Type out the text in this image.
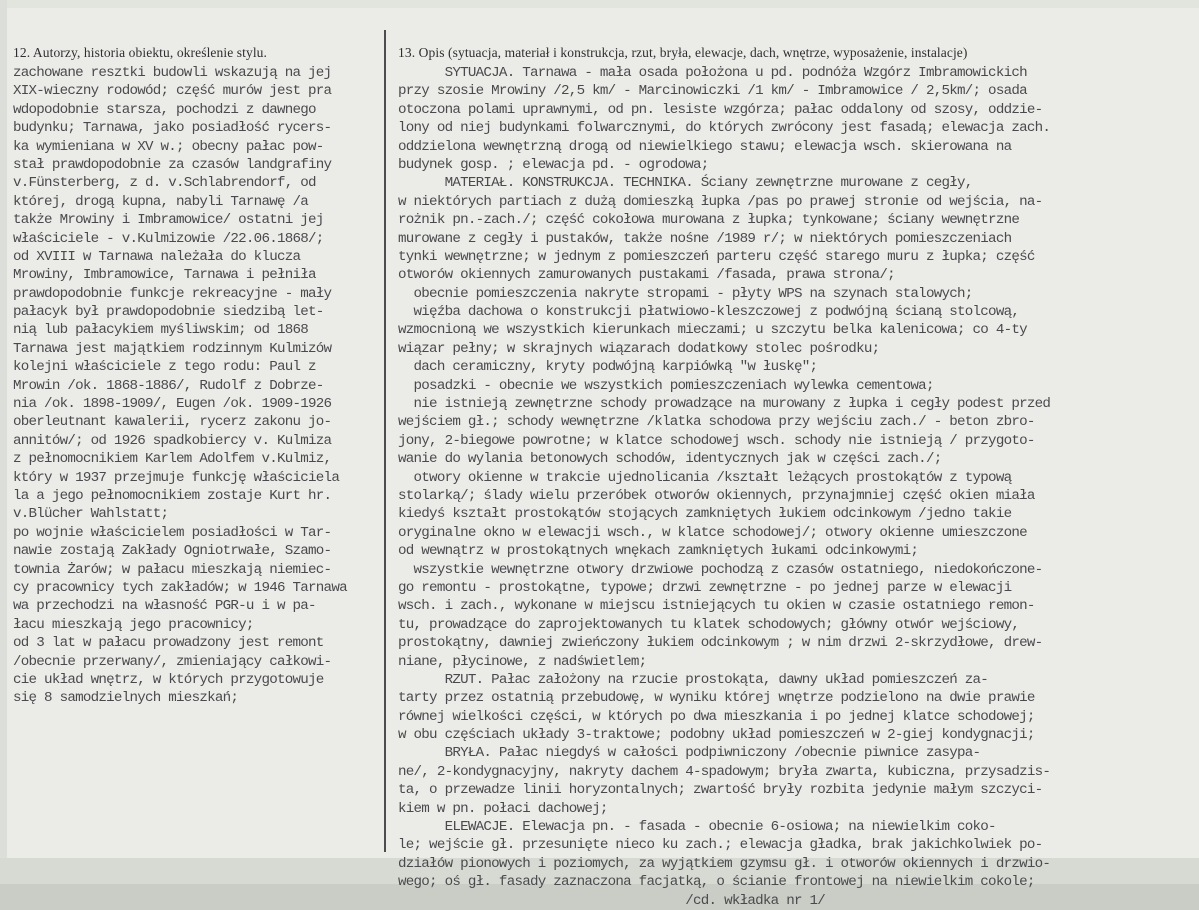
12. Autorzy, historia obiektu, określenie stylu.	13. Opis (sytuacja, materiał i konstrukcja, rzut, bryła, elewacje, dach, wnętrze, wyposażenie, instalacje)
zachowane resztki budowli wskazują na jej
XIX-wieczny rodowód; część murów jest pra
wdopodobnie starsza, pochodzi z dawnego
budynku; Tarnawa, jako posiadłość rycers-
ka wymieniana w XV w.; obecny pałac pow-
stał prawdopodobnie za czasów landgrafiny
v.Fünsterberg, z d. v.Schlabrendorf, od
której, drogą kupna, nabyli Tarnawę /a
także Mrowiny i Imbramowice/ ostatni jej
właściciele - v.Kulmizowie /22.06.1868/;
od XVIII w Tarnawa należała do klucza
Mrowiny, Imbramowice, Tarnawa i pełniła
prawdopodobnie funkcje rekreacyjne - mały
pałacyk był prawdopodobnie siedzibą let-
nią lub pałacykiem myśliwskim; od 1868
Tarnawa jest majątkiem rodzinnym Kulmizów
kolejni właściciele z tego rodu: Paul z
Mrowin /ok. 1868-1886/, Rudolf z Dobrze-
nia /ok. 1898-1909/, Eugen /ok. 1909-1926
oberleutnant kawalerii, rycerz zakonu jo-
annitów/; od 1926 spadkobiercy v. Kulmiza
z pełnomocnikiem Karlem Adolfem v.Kulmiz,
który w 1937 przejmuje funkcję właściciela
la a jego pełnomocnikiem zostaje Kurt hr.
v.Blücher Wahlstatt;
po wojnie właścicielem posiadłości w Tar-
nawie zostają Zakłady Ogniotrwałe, Szamo-
townia Żarów; w pałacu mieszkają niemiec-
cy pracownicy tych zakładów; w 1946 Tarnawa
wa przechodzi na własność PGR-u i w pa-
łacu mieszkają jego pracownicy;
od 3 lat w pałacu prowadzony jest remont
/obecnie przerwany/, zmieniający całkowi-
cie układ wnętrz, w których przygotowuje
się 8 samodzielnych mieszkań;
SYTUACJA. Tarnawa - mała osada położona u pd. podnóża Wzgórz Imbramowickich
przy szosie Mrowiny /2,5 km/ - Marcinowiczki /1 km/ - Imbramowice / 2,5km/; osada
otoczona polami uprawnymi, od pn. lesiste wzgórza; pałac oddalony od szosy, oddzie-
lony od niej budynkami folwarcznymi, do których zwrócony jest fasadą; elewacja zach.
oddzielona wewnętrzną drogą od niewielkiego stawu; elewacja wsch. skierowana na
budynek gosp. ; elewacja pd. - ogrodowa;
MATERIAŁ. KONSTRUKCJA. TECHNIKA. Ściany zewnętrzne murowane z cegły,
w niektórych partiach z dużą domieszką łupka /pas po prawej stronie od wejścia, na-
rożnik pn.-zach./; część cokołowa murowana z łupka; tynkowane; ściany wewnętrzne
murowane z cegły i pustaków, także nośne /1989 r/; w niektórych pomieszczeniach
tynki wewnętrzne; w jednym z pomieszczeń parteru część starego muru z łupka; część
otworów okiennych zamurowanych pustakami /fasada, prawa strona/;
obecnie pomieszczenia nakryte stropami - płyty WPS na szynach stalowych;
więźba dachowa o konstrukcji płatwiowo-kleszczowej z podwójną ścianą stolcową,
wzmocnioną we wszystkich kierunkach mieczami; u szczytu belka kalenicowa; co 4-ty
wiązar pełny; w skrajnych wiązarach dodatkowy stolec pośrodku;
dach ceramiczny, kryty podwójną karpiówką "w łuskę";
posadzki - obecnie we wszystkich pomieszczeniach wylewka cementowa;
nie istnieją zewnętrzne schody prowadzące na murowany z łupka i cegły podest przed
wejściem gł.; schody wewnętrzne /klatka schodowa przy wejściu zach./ - beton zbro-
jony, 2-biegowe powrotne; w klatce schodowej wsch. schody nie istnieją / przygoto-
wanie do wylania betonowych schodów, identycznych jak w części zach./;
otwory okienne w trakcie ujednolicania /kształt leżących prostokątów z typową
stolarką/; ślady wielu przeróbek otworów okiennych, przynajmniej część okien miała
kiedyś kształt prostokątów stojących zamkniętych łukiem odcinkowym /jedno takie
oryginalne okno w elewacji wsch., w klatce schodowej/; otwory okienne umieszczone
od wewnątrz w prostokątnych wnękach zamkniętych łukami odcinkowymi;
wszystkie wewnętrzne otwory drzwiowe pochodzą z czasów ostatniego, niedokończone-
go remontu - prostokątne, typowe; drzwi zewnętrzne - po jednej parze w elewacji
wsch. i zach., wykonane w miejscu istniejących tu okien w czasie ostatniego remon-
tu, prowadzące do zaprojektowanych tu klatek schodowych; główny otwór wejściowy,
prostokątny, dawniej zwieńczony łukiem odcinkowym ; w nim drzwi 2-skrzydłowe, drew-
niane, płycinowe, z nadświetlem;
RZUT. Pałac założony na rzucie prostokąta, dawny układ pomieszczeń za-
tarty przez ostatnią przebudowę, w wyniku której wnętrze podzielono na dwie prawie
równej wielkości części, w których po dwa mieszkania i po jednej klatce schodowej;
w obu częściach układy 3-traktowe; podobny układ pomieszczeń w 2-giej kondygnacji;
BRYŁA. Pałac niegdyś w całości podpiwniczony /obecnie piwnice zasypa-
ne/, 2-kondygnacyjny, nakryty dachem 4-spadowym; bryła zwarta, kubiczna, przysadzis-
ta, o przewadze linii horyzontalnych; zwartość bryły rozbita jedynie małym szczyci-
kiem w pn. połaci dachowej;
ELEWACJE. Elewacja pn. - fasada - obecnie 6-osiowa; na niewielkim coko-
le; wejście gł. przesunięte nieco ku zach.; elewacja gładka, brak jakichkolwiek po-
działów pionowych i poziomych, za wyjątkiem gzymsu gł. i otworów okiennych i drzwio-
wego; oś gł. fasady zaznaczona facjatką, o ścianie frontowej na niewielkim cokole;
/cd. wkładka nr 1/
